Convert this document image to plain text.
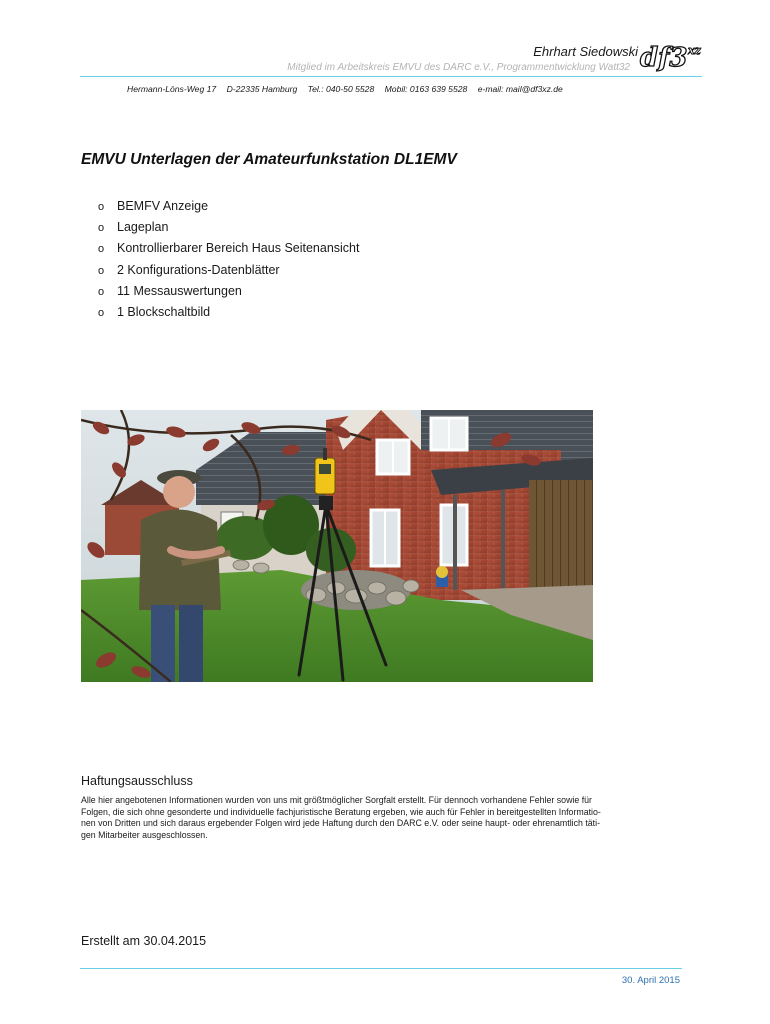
Ehrhart Siedowski
Mitglied im Arbeitskreis EMVU des DARC e.V., Programmentwicklung Watt32 df3 xz
Hermann-Löns-Weg 17 D-22335 Hamburg Tel.: 040-50 5528 Mobil: 0163 639 5528 e-mail: mail@df3xz.de
EMVU Unterlagen der Amateurfunkstation DL1EMV
o BEMFV Anzeige
o Lageplan
o Kontrollierbarer Bereich Haus Seitenansicht
o 2 Konfigurations-Datenblätter
o 11 Messauswertungen
o 1 Blockschaltbild
Haftungsausschluss
Alle hier angebotenen Informationen wurden von uns mit größtmöglicher Sorgfalt erstellt. Für dennoch vorhandene Fehler sowie für
Folgen, die sich ohne gesonderte und individuelle fachjuristische Beratung ergeben, wie auch für Fehler in bereitgestellten Informatio-
nen von Dritten und sich daraus ergebender Folgen wird jede Haftung durch den DARC e.V. oder seine haupt- oder ehrenamtlich täti-
gen Mitarbeiter ausgeschlossen.
Erstellt am 30.04.2015
30. April 2015
